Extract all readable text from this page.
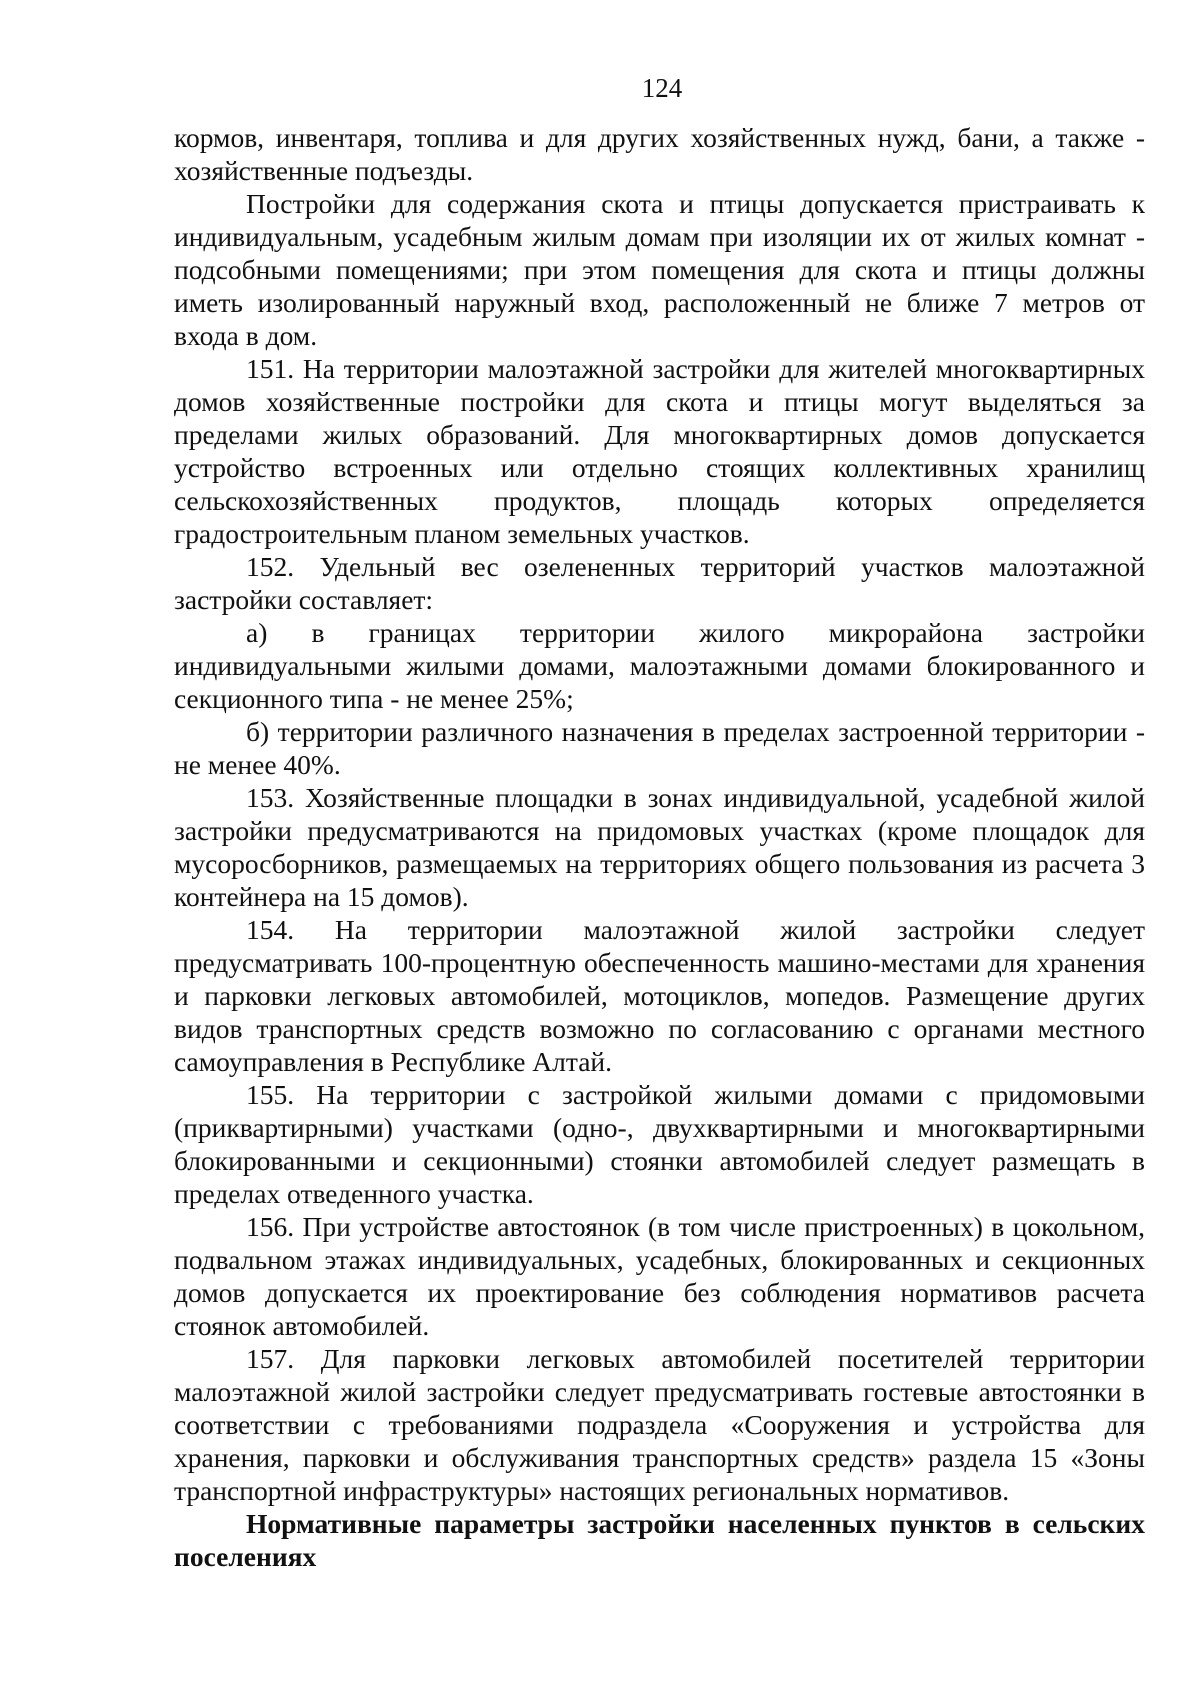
124

кормов, инвентаря, топлива и для других хозяйственных нужд, бани, а также - хозяйственные подъезды.

Постройки для содержания скота и птицы допускается пристраивать к индивидуальным, усадебным жилым домам при изоляции их от жилых комнат - подсобными помещениями; при этом помещения для скота и птицы должны иметь изолированный наружный вход, расположенный не ближе 7 метров от входа в дом.

151. На территории малоэтажной застройки для жителей многоквартирных домов хозяйственные постройки для скота и птицы могут выделяться за пределами жилых образований. Для многоквартирных домов допускается устройство встроенных или отдельно стоящих коллективных хранилищ сельскохозяйственных продуктов, площадь которых определяется градостроительным планом земельных участков.

152. Удельный вес озелененных территорий участков малоэтажной застройки составляет:

а) в границах территории жилого микрорайона застройки индивидуальными жилыми домами, малоэтажными домами блокированного и секционного типа - не менее 25%;

б) территории различного назначения в пределах застроенной территории - не менее 40%.

153. Хозяйственные площадки в зонах индивидуальной, усадебной жилой застройки предусматриваются на придомовых участках (кроме площадок для мусоросборников, размещаемых на территориях общего пользования из расчета 3 контейнера на 15 домов).

154. На территории малоэтажной жилой застройки следует предусматривать 100-процентную обеспеченность машино-местами для хранения и парковки легковых автомобилей, мотоциклов, мопедов. Размещение других видов транспортных средств возможно по согласованию с органами местного самоуправления в Республике Алтай.

155. На территории с застройкой жилыми домами с придомовыми (приквартирными) участками (одно-, двухквартирными и многоквартирными блокированными и секционными) стоянки автомобилей следует размещать в пределах отведенного участка.

156. При устройстве автостоянок (в том числе пристроенных) в цокольном, подвальном этажах индивидуальных, усадебных, блокированных и секционных домов допускается их проектирование без соблюдения нормативов расчета стоянок автомобилей.

157. Для парковки легковых автомобилей посетителей территории малоэтажной жилой застройки следует предусматривать гостевые автостоянки в соответствии с требованиями подраздела «Сооружения и устройства для хранения, парковки и обслуживания транспортных средств» раздела 15 «Зоны транспортной инфраструктуры» настоящих региональных нормативов.

Нормативные параметры застройки населенных пунктов в сельских поселениях
